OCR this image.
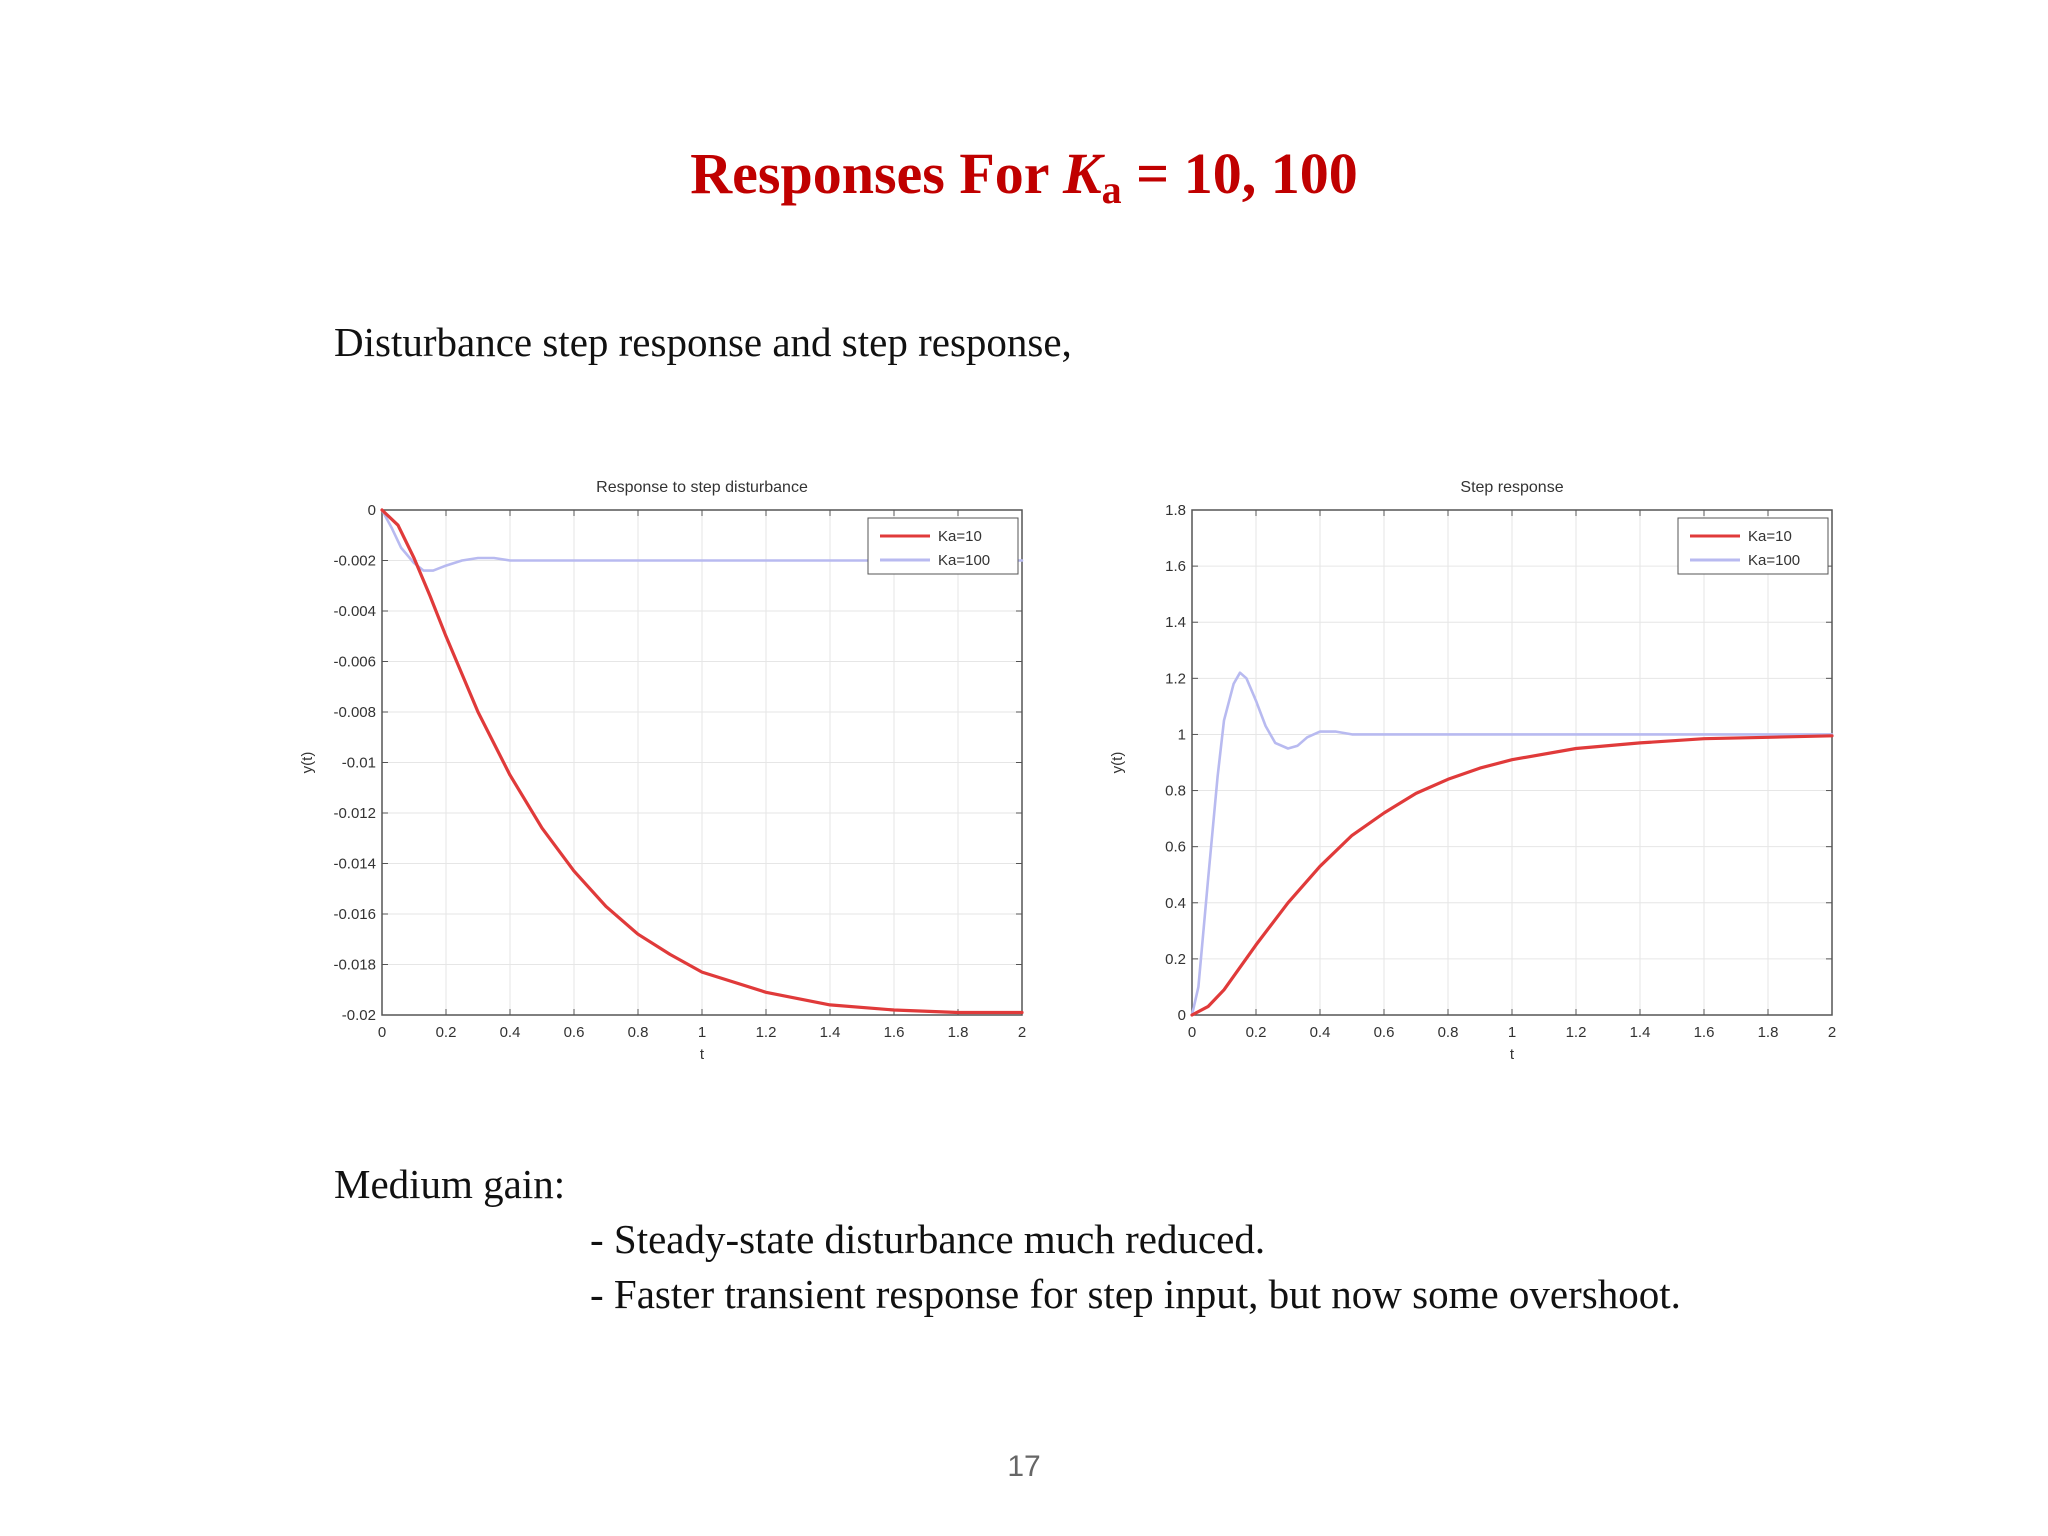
Responses For $K_a = 10$, 100
Disturbance step response and step response,
Response to step disturbance
0	0.2	0.4	0.6	0.8	1	1.2	1.4	1.6	1.8	2
0
-0.002
-0.004
-0.006
-0.008
-0.01
-0.012
-0.014
-0.016
-0.018
-0.02
t
y(t)
Ka=10
Ka=100
Step response
0	0.2	0.4	0.6	0.8	1	1.2	1.4	1.6	1.8	2
0
0.2
0.4
0.6
0.8
1
1.2
1.4
1.6
1.8
t
y(t)
Ka=10
Ka=100
Medium gain:
- Steady-state disturbance much reduced.
- Faster transient response for step input, but now some overshoot.
17
